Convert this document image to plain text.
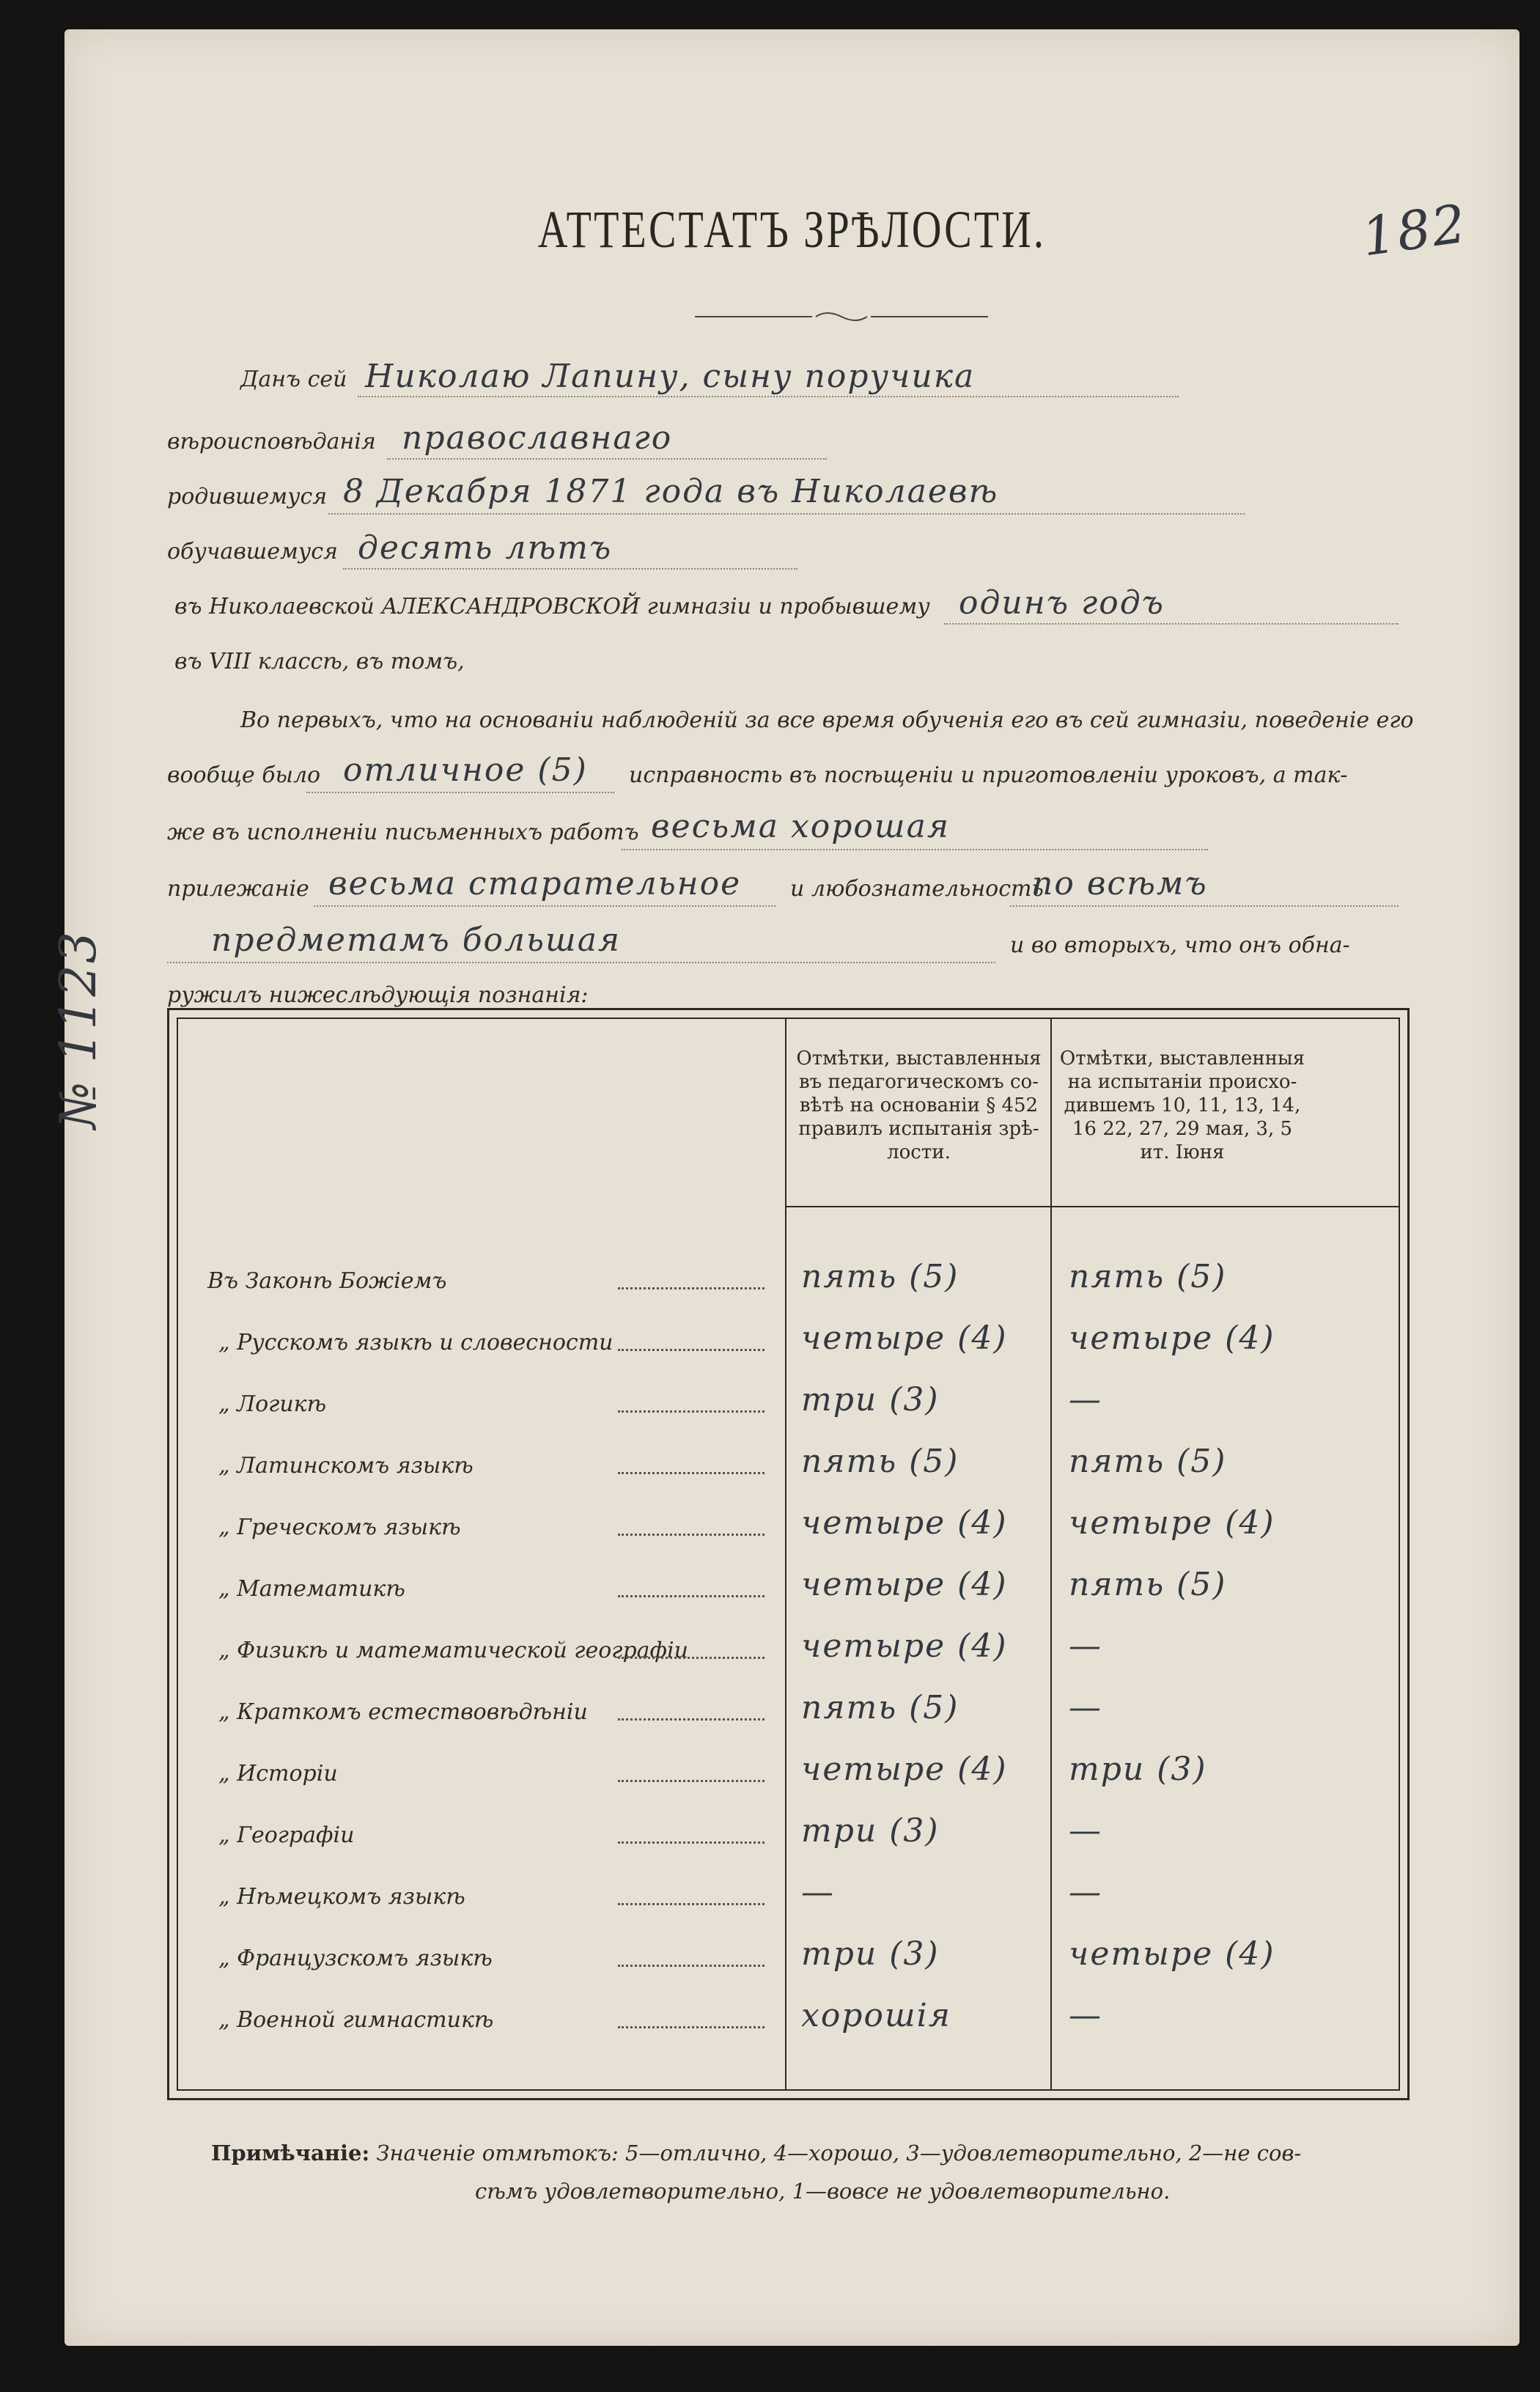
182
№ 1123
АТТЕСТАТЪ ЗРѢЛОСТИ.
Данъ сей Николаю Лапину, сыну поручика
вѣроисповѣданія православнаго
родившемуся 8 Декабря 1871 года въ Николаевѣ
обучавшемуся десять лѣтъ
въ Николаевской АЛЕКСАНДРОВСКОЙ гимназіи и пробывшему одинъ годъ
въ VIII классѣ, въ томъ,
Во первыхъ, что на основаніи наблюденій за все время обученія его въ сей гимназіи, поведеніе его
вообще было отличное (5) исправность въ посѣщеніи и приготовленіи уроковъ, а так-
же въ исполненіи письменныхъ работъ весьма хорошая
прилежаніе весьма старательное и любознательность
по всѣмъ
предметамъ большая	и во вторыхъ, что онъ обна-
ружилъ нижеслѣдующія познанія:
Отмѣтки, выставленныя въ педагогическомъ со- вѣтѣ на основаніи § 452 правилъ испытанія зрѣ- лости.
Отмѣтки, выставленныя на испытаніи происхо- дившемъ 10, 11, 13, 14, 16 22, 27, 29 мая, 3, 5 ит. Іюня
Въ Законѣ Божіемъ	пять (5)	пять (5)
„ Русскомъ языкѣ и словесности	четыре (4) четыре (4)
„ Логикѣ	три (3)	—
„ Латинскомъ языкѣ	пять (5)	пять (5)
„ Греческомъ языкѣ	четыре (4) четыре (4)
„ Математикѣ	четыре (4) пять (5)
„ Физикѣ и математической географіи	четыре (4) —
„ Краткомъ естествовѣдѣніи	пять (5)	—
„ Исторіи	четыре (4) три (3)
„ Географіи	три (3)	—
„ Нѣмецкомъ языкѣ	—	—
„ Французскомъ языкѣ	три (3)	четыре (4)
„ Военной гимнастикѣ	хорошія	—
Примѣчаніе: Значеніе отмѣтокъ: 5—отлично, 4—хорошо, 3—удовлетворительно, 2—не сов-
сѣмъ удовлетворительно, 1—вовсе не удовлетворительно.
